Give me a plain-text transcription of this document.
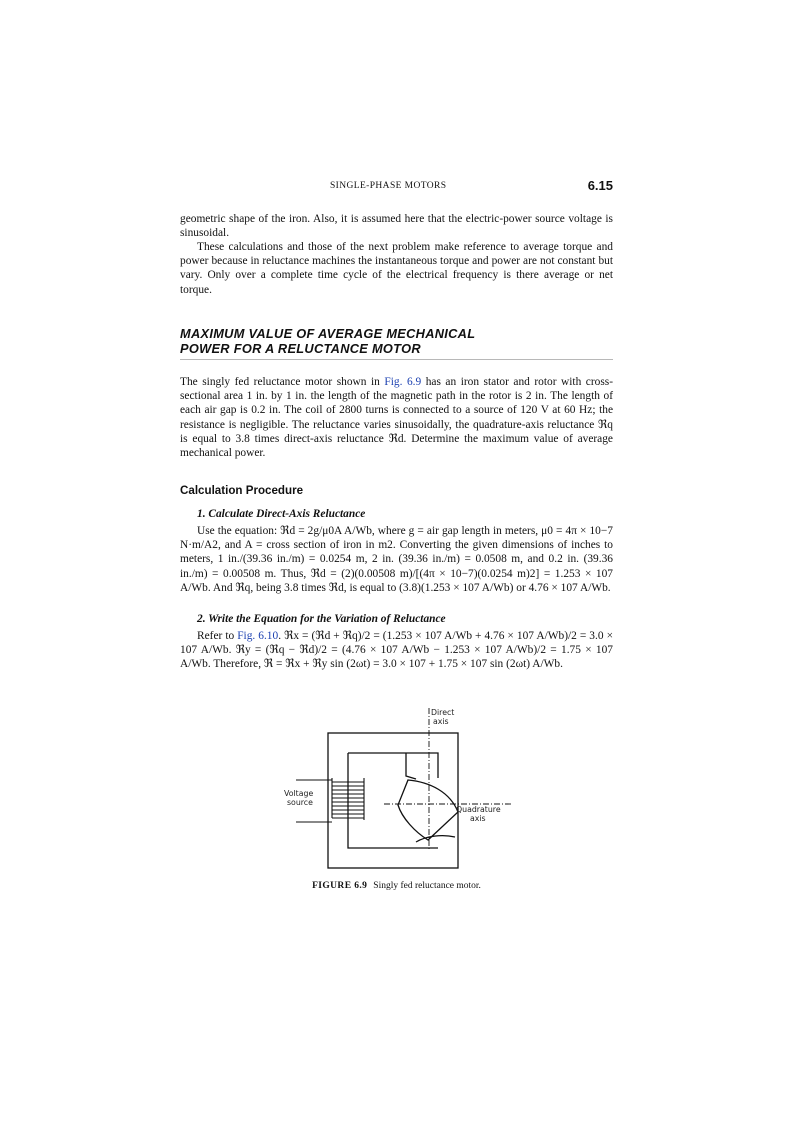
SINGLE-PHASE MOTORS	6.15

geometric shape of the iron. Also, it is assumed here that the electric-power source voltage is sinusoidal.

These calculations and those of the next problem make reference to average torque and power because in reluctance machines the instantaneous torque and power are not constant but vary. Only over a complete time cycle of the electrical frequency is there average or net torque.

MAXIMUM VALUE OF AVERAGE MECHANICAL
POWER FOR A RELUCTANCE MOTOR

The singly fed reluctance motor shown in Fig. 6.9 has an iron stator and rotor with cross-sectional area 1 in. by 1 in. the length of the magnetic path in the rotor is 2 in. The length of each air gap is 0.2 in. The coil of 2800 turns is connected to a source of 120 V at 60 Hz; the resistance is negligible. The reluctance varies sinusoidally, the quadrature-axis reluctance ℜq is equal to 3.8 times direct-axis reluctance ℜd. Determine the maximum value of average mechanical power.

Calculation Procedure
1. Calculate Direct-Axis Reluctance

Use the equation: ℜd = 2g/μ0A A/Wb, where g = air gap length in meters, μ0 = 4π × 10−7 N·m/A2, and A = cross section of iron in m2. Converting the given dimensions of inches to meters, 1 in./(39.36 in./m) = 0.0254 m, 2 in. (39.36 in./m) = 0.0508 m, and 0.2 in. (39.36 in./m) = 0.00508 m. Thus, ℜd = (2)(0.00508 m)/[(4π × 10−7)(0.0254 m)2] = 1.253 × 107 A/Wb. And ℜq, being 3.8 times ℜd, is equal to (3.8)(1.253 × 107 A/Wb) or 4.76 × 107 A/Wb.

2. Write the Equation for the Variation of Reluctance

Refer to Fig. 6.10. ℜx = (ℜd + ℜq)/2 = (1.253 × 107 A/Wb + 4.76 × 107 A/Wb)/2 = 3.0 × 107 A/Wb. ℜy = (ℜq − ℜd)/2 = (4.76 × 107 A/Wb − 1.253 × 107 A/Wb)/2 = 1.75 × 107 A/Wb. Therefore, ℜ = ℜx + ℜy sin (2ωt) = 3.0 × 107 + 1.75 × 107 sin (2ωt) A/Wb.

Direct
axis
Voltage
source
Quadrature
axis
FIGURE 6.9 Singly fed reluctance motor.
